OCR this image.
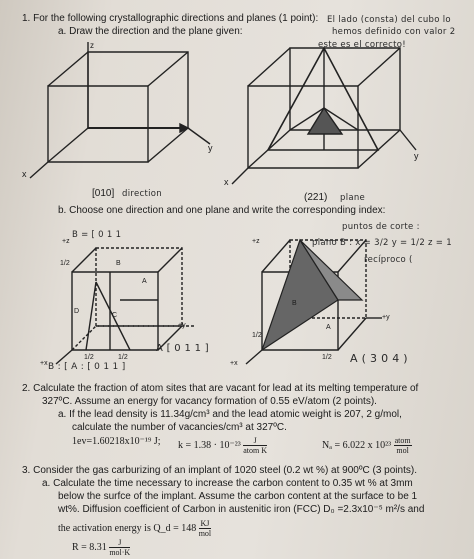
1. For the following crystallographic directions and planes (1 point):
a. Draw the direction and the plane given:
El lado (consta) del cubo lo
hemos definido con valor 2
este es el correcto!
z
y
x
y
x
[010] direction	(221) plane
b. Choose one direction and one plane and write the corresponding index:
B = [ 0 1 1
puntos de corte :
plano B : x = 3/2 y = 1/2 z = 1
recíproco (
+z	+z
+y
+y
+x	+x
A
B
C
D
B
A
1/2
1/2	1/2
1/2
1/2
A [ 0 1 1 ]
B : [ A : [ 0 1 1 ]
A ( 3 0 4 )
2. Calculate the fraction of atom sites that are vacant for lead at its melting temperature of
327ºC. Assume an energy for vacancy formation of 0.55 eV/atom (2 points).
a. If the lead density is 11.34g/cm³ and the lead atomic weight is 207, 2 g/mol,
calculate the number of vacancies/cm³ at 327ºC.
1ev=1.60218x10⁻¹⁹ J; $k = 1.38 \cdot 10^{-23} \frac{J}{\text{atom K}}$	Nₐ = 6.022 x $10^{23} \frac{\text{atom}}{\text{mol}}$
3. Consider the gas carburizing of an implant of 1020 steel (0.2 wt %) at 900ºC (3 points).
a. Calculate the time necessary to increase the carbon content to 0.35 wt % at 3mm
below the surfce of the implant. Assume the carbon content at the surface to be 1
wt%. Diffusion coefficient of Carbon in austenitic iron (FCC) D₀ =2.3x10⁻⁵ m²/s and
the activation energy is Q_d = $148 \frac{KJ}{\text{mol}}$
$R = 8.31 \frac{J}{\text{mol·K}}$
